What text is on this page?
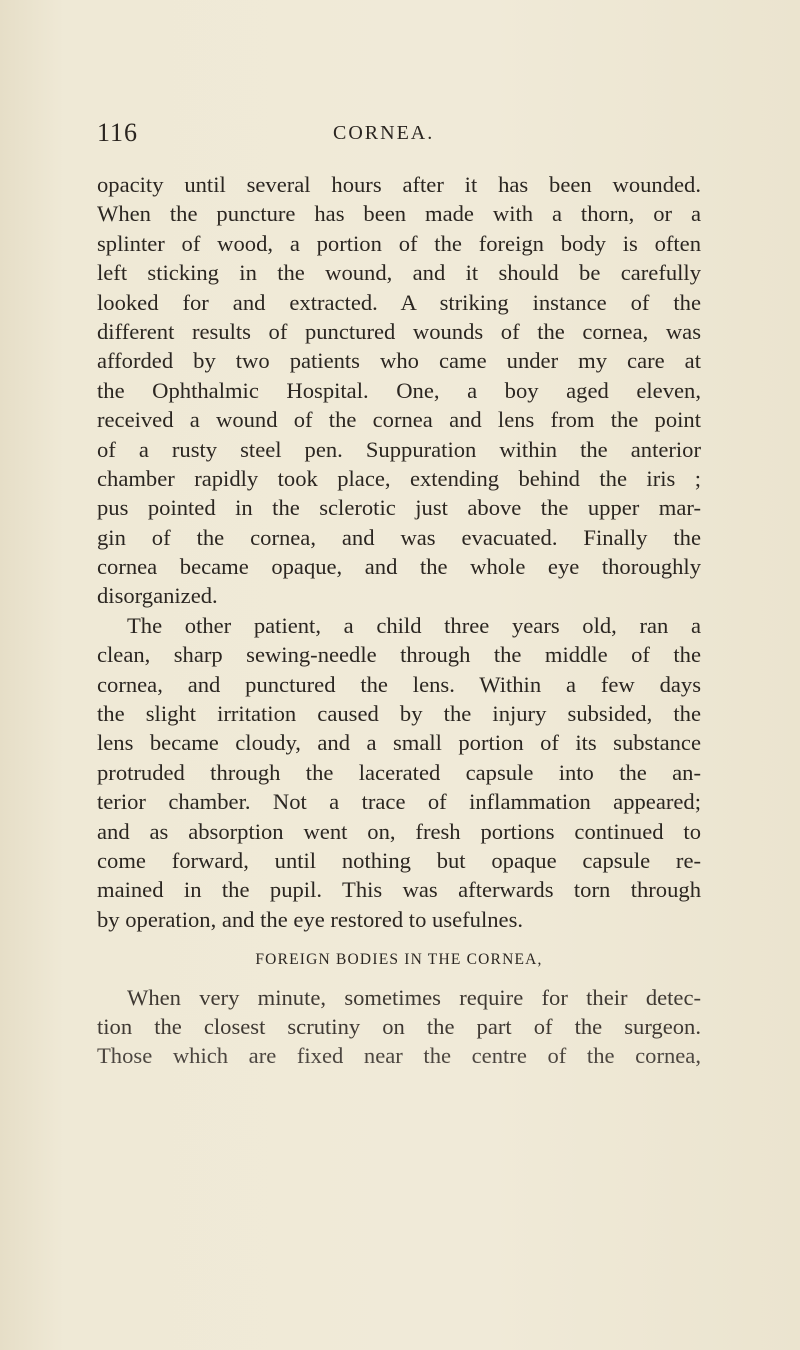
116	CORNEA.
opacity until several hours after it has been wounded.
When the puncture has been made with a thorn, or a
splinter of wood, a portion of the foreign body is often
left sticking in the wound, and it should be carefully
looked for and extracted. A striking instance of the
different results of punctured wounds of the cornea, was
afforded by two patients who came under my care at
the Ophthalmic Hospital. One, a boy aged eleven,
received a wound of the cornea and lens from the point
of a rusty steel pen. Suppuration within the anterior
chamber rapidly took place, extending behind the iris ;
pus pointed in the sclerotic just above the upper mar-
gin of the cornea, and was evacuated. Finally the
cornea became opaque, and the whole eye thoroughly
disorganized.
The other patient, a child three years old, ran a
clean, sharp sewing-needle through the middle of the
cornea, and punctured the lens. Within a few days
the slight irritation caused by the injury subsided, the
lens became cloudy, and a small portion of its substance
protruded through the lacerated capsule into the an-
terior chamber. Not a trace of inflammation appeared;
and as absorption went on, fresh portions continued to
come forward, until nothing but opaque capsule re-
mained in the pupil. This was afterwards torn through
by operation, and the eye restored to usefulnes.
FOREIGN BODIES IN THE CORNEA,
When very minute, sometimes require for their detec-
tion the closest scrutiny on the part of the surgeon.
Those which are fixed near the centre of the cornea,
